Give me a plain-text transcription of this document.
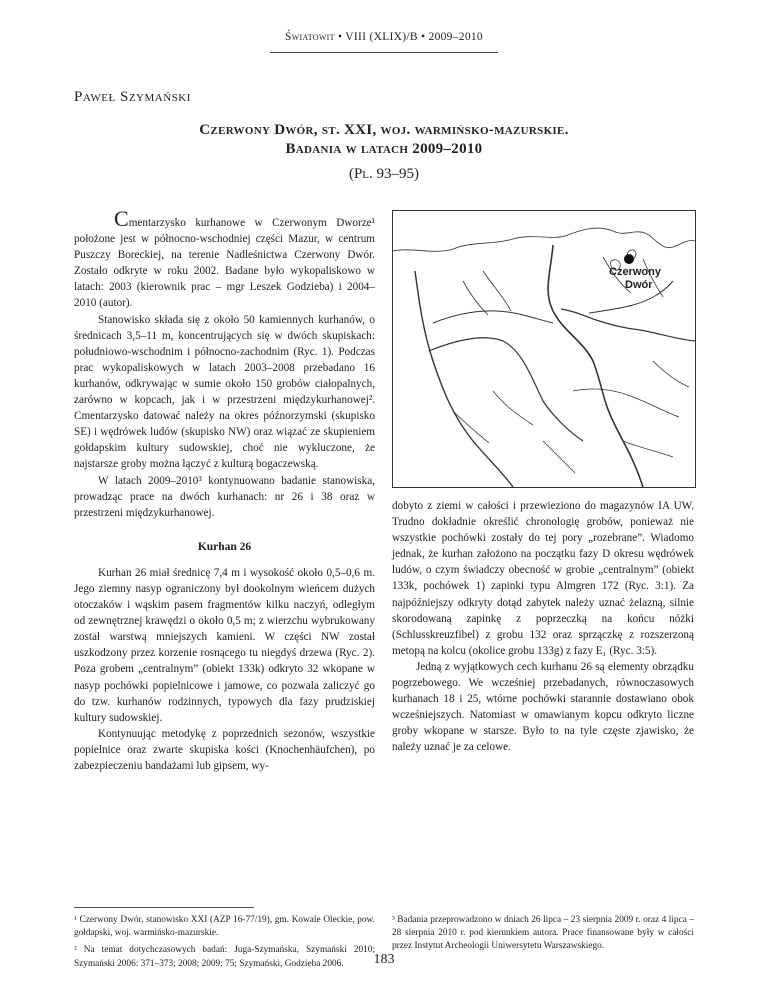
Światowit • VIII (XLIX)/B • 2009–2010
Paweł Szymański
Czerwony Dwór, st. XXI, woj. warmińsko-mazurskie.
Badania w latach 2009–2010
(Pl. 93–95)

Cmentarzysko kurhanowe w Czerwonym Dworze¹ położone jest w północno-wschodniej części Mazur, w centrum Puszczy Boreckiej, na terenie Nadleśnictwa Czerwony Dwór. Zostało odkryte w roku 2002. Badane było wykopaliskowo w latach: 2003 (kierownik prac – mgr Leszek Godzieba) i 2004–2010 (autor).

Stanowisko składa się z około 50 kamiennych kurhanów, o średnicach 3,5–11 m, koncentrujących się w dwóch skupiskach: południowo-wschodnim i północno-zachodnim (Ryc. 1). Podczas prac wykopaliskowych w latach 2003–2008 przebadano 16 kurhanów, odkrywając w sumie około 150 grobów ciałopalnych, zarówno w kopcach, jak i w przestrzeni międzykurhanowej². Cmentarzysko datować należy na okres późnorzymski (skupisko SE) i wędrówek ludów (skupisko NW) oraz wiązać ze skupieniem gołdapskim kultury sudowskiej, choć nie wykluczone, że najstarsze groby można łączyć z kulturą bogaczewską.

W latach 2009–2010³ kontynuowano badanie stanowiska, prowadząc prace na dwóch kurhanach: nr 26 i 38 oraz w przestrzeni międzykurhanowej.

Kurhan 26

Kurhan 26 miał średnicę 7,4 m i wysokość około 0,5–0,6 m. Jego ziemny nasyp ograniczony był dookolnym wieńcem dużych otoczaków i wąskim pasem fragmentów kilku naczyń, odległym od zewnętrznej krawędzi o około 0,5 m; z wierzchu wybrukowany został warstwą mniejszych kamieni. W części NW został uszkodzony przez korzenie rosnącego tu niegdyś drzewa (Ryc. 2). Poza grobem „centralnym” (obiekt 133k) odkryto 32 wkopane w nasyp pochówki popielnicowe i jamowe, co pozwala zaliczyć go do tzw. kurhanów rodzinnych, typowych dla fazy prudziskiej kultury sudowskiej.

Kontynuując metodykę z poprzednich sezonów, wszystkie popielnice oraz zwarte skupiska kości (Knochenhäufchen), po zabezpieczeniu bandażami lub gipsem, wy-

Czerwony
Dwór

dobyto z ziemi w całości i przewieziono do magazynów IA UW. Trudno dokładnie określić chronologię grobów, ponieważ nie wszystkie pochówki zostały do tej pory „rozebrane”. Wiadomo jednak, że kurhan założono na początku fazy D okresu wędrówek ludów, o czym świadczy obecność w grobie „centralnym” (obiekt 133k, pochówek 1) zapinki typu Almgren 172 (Ryc. 3:1). Za najpóźniejszy odkryty dotąd zabytek należy uznać żelazną, silnie skorodowaną zapinkę z poprzeczką na końcu nóżki (Schlusskreuzfibel) z grobu 132 oraz sprzączkę z rozszerzoną metopą na kolcu (okolice grobu 133g) z fazy E₁ (Ryc. 3:5).

Jedną z wyjątkowych cech kurhanu 26 są elementy obrządku pogrzebowego. We wcześniej przebadanych, równoczasowych kurhanach 18 i 25, wtórne pochówki starannie dostawiano obok wcześniejszych. Natomiast w omawianym kopcu odkryto liczne groby wkopane w starsze. Było to na tyle częste zjawisko, że należy uznać je za celowe.

¹ Czerwony Dwór, stanowisko XXI (AZP 16-77/19), gm. Kowale Oleckie, pow. gołdapski, woj. warmińsko-mazurskie.

² Na temat dotychczasowych badań: Juga-Szymańska, Szymański 2010; Szymański 2006: 371–373; 2008; 2009: 75; Szymański, Godzieba 2006.

³ Badania przeprowadzono w dniach 26 lipca – 23 sierpnia 2009 r. oraz 4 lipca – 28 sierpnia 2010 r. pod kierunkiem autora. Prace finansowane były w całości przez Instytut Archeologii Uniwersytetu Warszawskiego.

183
